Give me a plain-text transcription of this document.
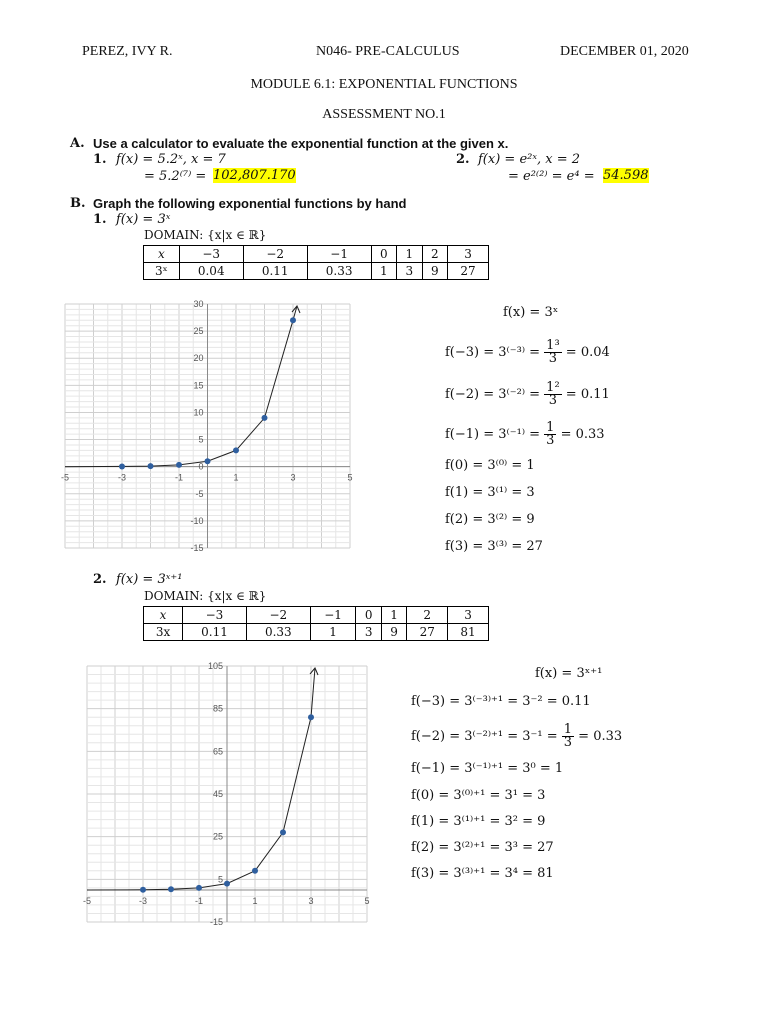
PEREZ, IVY R.	N046- PRE-CALCULUS	DECEMBER 01, 2020
MODULE 6.1: EXPONENTIAL FUNCTIONS
ASSESSMENT NO.1
A. Use a calculator to evaluate the exponential function at the given x.
1. f(x) = 5.2ˣ, x = 7
= 5.2⁽⁷⁾ = 102,807.170
2. f(x) = e²ˣ, x = 2
= e²⁽²⁾ = e⁴ = 54.598
B. Graph the following exponential functions by hand
1. f(x) = 3ˣ
DOMAIN: {x|x ∈ ℝ}
x	−3	−2	−1	0	1	2	3
3ˣ	0.04	0.11	0.33	1	3	9	27
-5	-3	-1	1	3	5
30
25
20
15
10
5
0
-5
-10
-15
f(x) = 3ˣ
$f(-3) = 3^{(-3)} = \frac{\text{1³}}{3} = 0.04$
$f(-2) = 3^{(-2)} = \frac{\text{1²}}{3} = 0.11$
$f(-1) = 3^{(-1)} = \frac{1}{3} = 0.33$
f(0) = 3⁽⁰⁾ = 1
f(1) = 3⁽¹⁾ = 3
f(2) = 3⁽²⁾ = 9
f(3) = 3⁽³⁾ = 27
2. f(x) = 3ˣ⁺¹
DOMAIN: {x|x ∈ ℝ}
x	−3	−2	−1	0	1	2	3
3x	0.11	0.33	1	3	9	27	81
-5	-3	-1	1	3	5
105
85
65
45
25
5
-15
f(x) = 3ˣ⁺¹
f(−3) = 3⁽⁻³⁾⁺¹ = 3⁻² = 0.11
$f(-2) = 3^{(-2)+1} = 3^{-1} = \frac{1}{3} = 0.33$
f(−1) = 3⁽⁻¹⁾⁺¹ = 3⁰ = 1
f(0) = 3⁽⁰⁾⁺¹ = 3¹ = 3
f(1) = 3⁽¹⁾⁺¹ = 3² = 9
f(2) = 3⁽²⁾⁺¹ = 3³ = 27
f(3) = 3⁽³⁾⁺¹ = 3⁴ = 81
